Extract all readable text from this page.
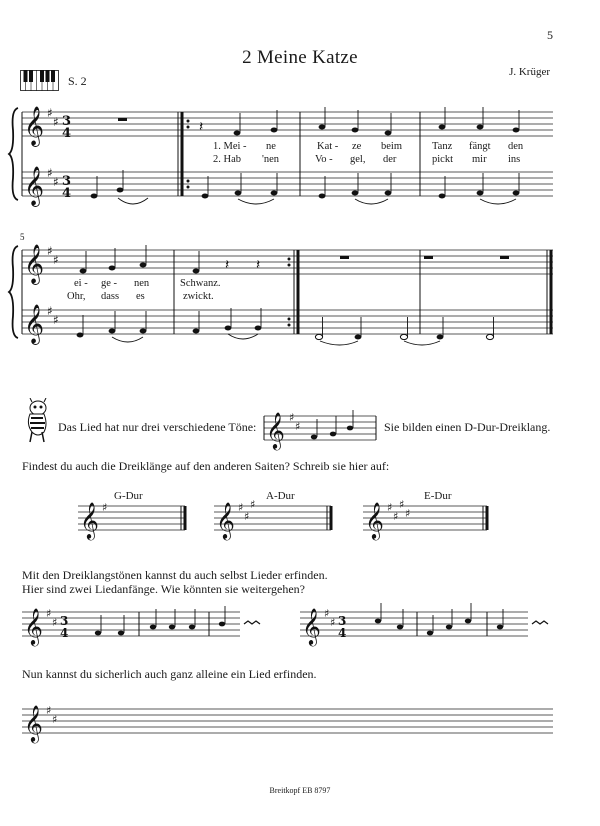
5
2 Meine Katze
J. Krüger
S. 2
𝄞
𝄞
♯
♯
♯
♯
3
4
3
4
𝄽
𝄞
𝄞
♯
♯
♯
♯
𝄽 𝄽
𝄞 ♯
♯
𝄞 ♯	𝄞 ♯
♯
♯	𝄞 ♯
♯
♯
♯
𝄞 ♯
♯ 3
4	𝄞 ♯
♯ 3
4
𝄞 ♯
♯
5
1. Mei - ne	Kat - ze beim	Tanz fängt den
2. Hab 'nen	Vo - gel, der	pickt mir ins
ei - ge - nen	Schwanz.
Ohr, dass es	zwickt.
Das Lied hat nur drei verschiedene Töne:	Sie bilden einen D-Dur-Dreiklang.
Findest du auch die Dreiklänge auf den anderen Saiten? Schreib sie hier auf:
G-Dur	A-Dur	E-Dur
Mit den Dreiklangstönen kannst du auch selbst Lieder erfinden.
Hier sind zwei Liedanfänge. Wie könnten sie weitergehen?
Nun kannst du sicherlich auch ganz alleine ein Lied erfinden.
Breitkopf EB 8797
